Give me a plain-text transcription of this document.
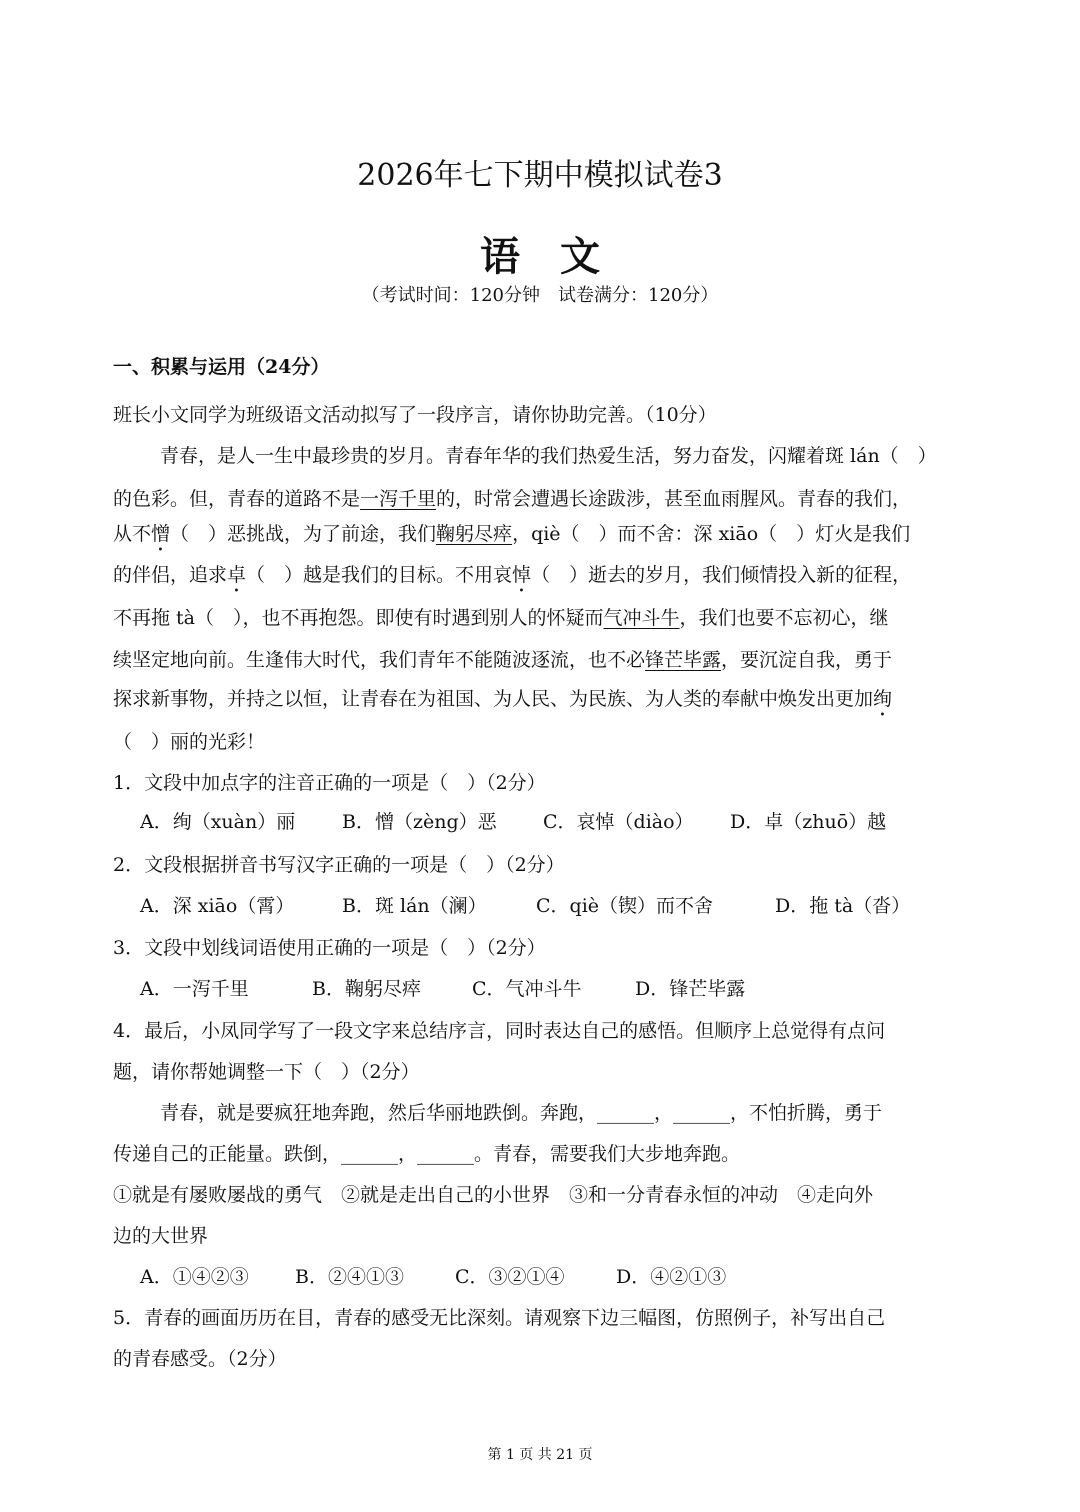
2026年七下期中模拟试卷3
语文
（考试时间：120分钟　试卷满分：120分）
一、积累与运用（24分）
班长小文同学为班级语文活动拟写了一段序言，请你协助完善。（10分）
青春，是人一生中最珍贵的岁月。青春年华的我们热爱生活，努力奋发，闪耀着斑 lán（　）
的色彩。但，青春的道路不是一泻千里的，时常会遭遇长途跋涉，甚至血雨腥风。青春的我们，
从不憎（　）恶挑战，为了前途，我们鞠躬尽瘁，qiè（　）而不舍：深 xiāo（　）灯火是我们
的伴侣，追求卓（　）越是我们的目标。不用哀悼（　）逝去的岁月，我们倾情投入新的征程，
不再拖 tà（　），也不再抱怨。即使有时遇到别人的怀疑而气冲斗牛，我们也要不忘初心，继
续坚定地向前。生逢伟大时代，我们青年不能随波逐流，也不必锋芒毕露，要沉淀自我，勇于
探求新事物，并持之以恒，让青春在为祖国、为人民、为民族、为人类的奉献中焕发出更加绚
（　）丽的光彩！
1．文段中加点字的注音正确的一项是（　）（2分）
A．绚（xuàn）丽 B．憎（zèng）恶 C．哀悼（diào） D．卓（zhuō）越
2．文段根据拼音书写汉字正确的一项是（　）（2分）
A．深 xiāo（霄）	B．斑 lán（澜）	C．qiè（锲）而不舍	D．拖 tà（沓）
3．文段中划线词语使用正确的一项是（　）（2分）
A．一泻千里	B．鞠躬尽瘁	C．气冲斗牛	D．锋芒毕露
4．最后，小凤同学写了一段文字来总结序言，同时表达自己的感悟。但顺序上总觉得有点问
题，请你帮她调整一下（　）（2分）
青春，就是要疯狂地奔跑，然后华丽地跌倒。奔跑，______，______，不怕折腾，勇于
传递自己的正能量。跌倒，______，______。青春，需要我们大步地奔跑。
①就是有屡败屡战的勇气　②就是走出自己的小世界　③和一分青春永恒的冲动　④走向外
边的大世界
A．①④②③ B．②④①③	C．③②①④	D．④②①③
5．青春的画面历历在目，青春的感受无比深刻。请观察下边三幅图，仿照例子，补写出自己
的青春感受。（2分）
第 1 页 共 21 页
